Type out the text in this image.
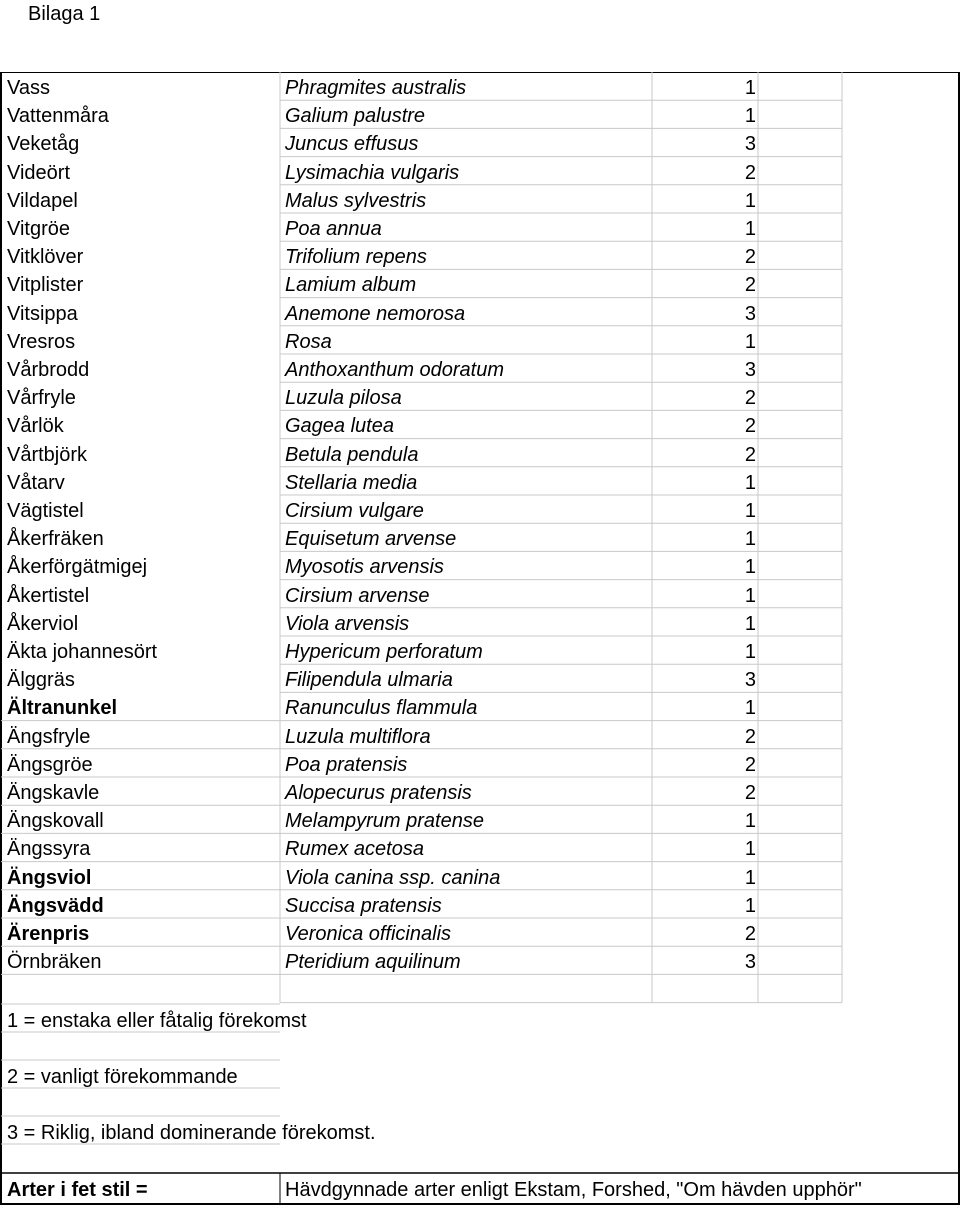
Bilaga 1
Vass	Phragmites australis	1
Vattenmåra	Galium palustre	1
Veketåg	Juncus effusus	3
Videört	Lysimachia vulgaris	2
Vildapel	Malus sylvestris	1
Vitgröe	Poa annua	1
Vitklöver	Trifolium repens	2
Vitplister	Lamium album	2
Vitsippa	Anemone nemorosa	3
Vresros	Rosa	1
Vårbrodd	Anthoxanthum odoratum	3
Vårfryle	Luzula pilosa	2
Vårlök	Gagea lutea	2
Vårtbjörk	Betula pendula	2
Våtarv	Stellaria media	1
Vägtistel	Cirsium vulgare	1
Åkerfräken	Equisetum arvense	1
Åkerförgätmigej	Myosotis arvensis	1
Åkertistel	Cirsium arvense	1
Åkerviol	Viola arvensis	1
Äkta johannesört	Hypericum perforatum	1
Älggräs	Filipendula ulmaria	3
Ältranunkel	Ranunculus flammula	1
Ängsfryle	Luzula multiflora	2
Ängsgröe	Poa pratensis	2
Ängskavle	Alopecurus pratensis	2
Ängskovall	Melampyrum pratense	1
Ängssyra	Rumex acetosa	1
Ängsviol	Viola canina ssp. canina	1
Ängsvädd	Succisa pratensis	1
Ärenpris	Veronica officinalis	2
Örnbräken	Pteridium aquilinum	3
1 = enstaka eller fåtalig förekomst
2 = vanligt förekommande
3 = Riklig, ibland dominerande förekomst.
Arter i fet stil =	Hävdgynnade arter enligt Ekstam, Forshed, "Om hävden upphör"
